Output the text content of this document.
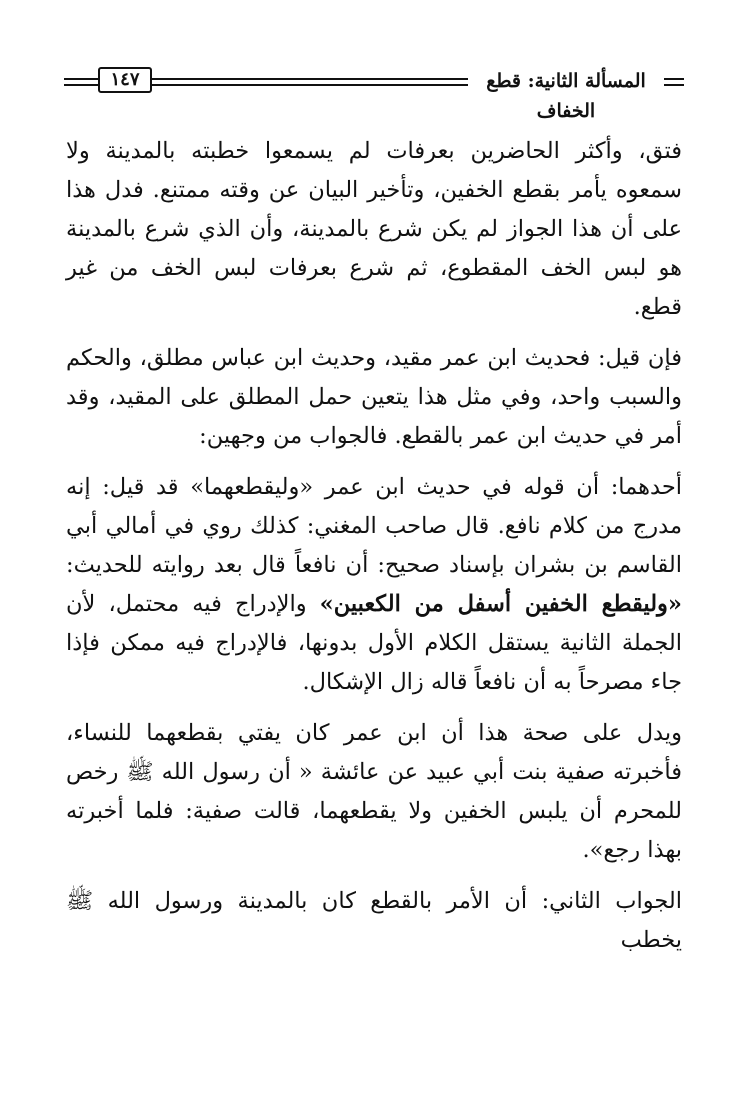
١٤٧	المسألة الثانية: قطع الخفاف

فتق، وأكثر الحاضرين بعرفات لم يسمعوا خطبته بالمدينة ولا سمعوه يأمر بقطع الخفين، وتأخير البيان عن وقته ممتنع. فدل هذا على أن هذا الجواز لم يكن شرع بالمدينة، وأن الذي شرع بالمدينة هو لبس الخف المقطوع، ثم شرع بعرفات لبس الخف من غير قطع.

فإن قيل: فحديث ابن عمر مقيد، وحديث ابن عباس مطلق، والحكم والسبب واحد، وفي مثل هذا يتعين حمل المطلق على المقيد، وقد أمر في حديث ابن عمر بالقطع. فالجواب من وجهين:

أحدهما: أن قوله في حديث ابن عمر «وليقطعهما» قد قيل: إنه مدرج من كلام نافع. قال صاحب المغني: كذلك روي في أمالي أبي القاسم بن بشران بإسناد صحيح: أن نافعاً قال بعد روايته للحديث: «وليقطع الخفين أسفل من الكعبين» والإدراج فيه محتمل، لأن الجملة الثانية يستقل الكلام الأول بدونها، فالإدراج فيه ممكن فإذا جاء مصرحاً به أن نافعاً قاله زال الإشكال.

ويدل على صحة هذا أن ابن عمر كان يفتي بقطعهما للنساء، فأخبرته صفية بنت أبي عبيد عن عائشة « أن رسول الله ﷺ رخص للمحرم أن يلبس الخفين ولا يقطعهما، قالت صفية: فلما أخبرته بهذا رجع».

الجواب الثاني: أن الأمر بالقطع كان بالمدينة ورسول الله ﷺ يخطب
